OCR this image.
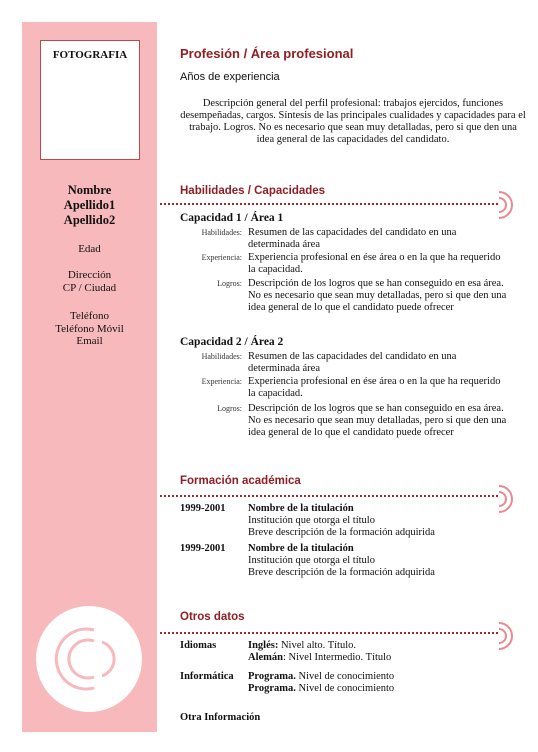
FOTOGRAFIA
Nombre
Apellido1
Apellido2
Edad
Dirección
CP / Ciudad
Teléfono
Teléfono Móvil
Email
Profesión / Área profesional
Años de experiencia
Descripción general del perfil profesional: trabajos ejercidos, funciones desempeñadas, cargos. Síntesis de las principales cualidades y capacidades para el trabajo. Logros. No es necesario que sean muy detalladas, pero si que den una idea general de las capacidades del candidato.
Habilidades / Capacidades
Capacidad 1 / Área 1
Habilidades: Resumen de las capacidades del candidato en una determinada área
Experiencia: Experiencia profesional en ése área o en la que ha requerido la capacidad.
Logros: Descripción de los logros que se han conseguido en esa área. No es necesario que sean muy detalladas, pero si que den una idea general de lo que el candidato puede ofrecer
Capacidad 2 / Área 2
Habilidades: Resumen de las capacidades del candidato en una determinada área
Experiencia: Experiencia profesional en ése área o en la que ha requerido la capacidad.
Logros: Descripción de los logros que se han conseguido en esa área. No es necesario que sean muy detalladas, pero si que den una idea general de lo que el candidato puede ofrecer
Formación académica
1999-2001 Nombre de la titulación
Institución que otorga el título
Breve descripción de la formación adquirida
1999-2001 Nombre de la titulación
Institución que otorga el título
Breve descripción de la formación adquirida
Otros datos
Idiomas	Inglés: Nivel alto. Título.
Alemán: Nivel Intermedio. Título
Informática Programa. Nivel de conocimiento
Programa. Nivel de conocimiento
Otra Información
